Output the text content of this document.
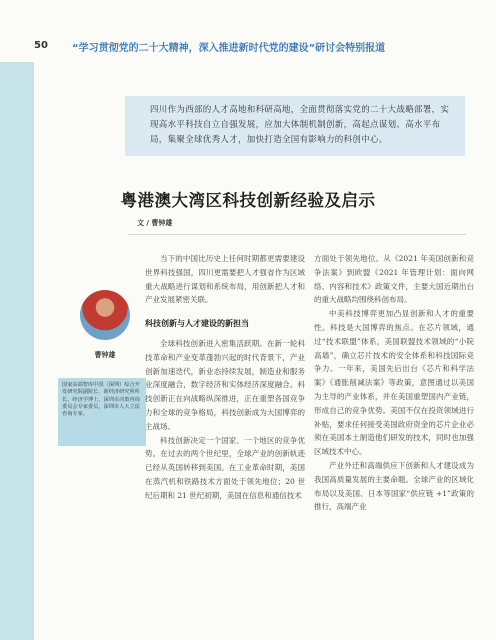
50 “学习贯彻党的二十大精神，深入推进新时代党的建设”研讨会特别报道
四川作为西部的人才高地和科研高地，全面贯彻落实党的二十大战略部署，实现高水平科技自立自强发展，应加大体制机制创新，高起点谋划、高水平布局，集聚全球优秀人才，加快打造全国有影响力的科创中心。
粤港澳大湾区科技创新经验及启示
文 / 曹钟雄
曹钟雄
国家高端智库中国（深圳）综合开发研究院副院长、新经济研究所所长、经济学博士，深圳市决策咨询委员会专家委员，深圳市人大立法咨询专家。

当下的中国比历史上任何时期都更需要建设世界科技强国，四川更需要把人才强省作为区域重大战略进行谋划和系统布局，用创新把人才和产业发展紧密关联。

科技创新与人才建设的新担当

全球科技创新进入密集活跃期。在新一轮科技革命和产业变革蓬勃兴起的时代背景下，产业创新加速迭代，新业态持续发展，制造业和服务业深度融合，数字经济和实体经济深度融合。科技创新正在向战略纵深推进，正在重塑各国竞争力和全球的竞争格局，科技创新成为大国博弈的主战场。

科技创新决定一个国家、一个地区的竞争优势。在过去的两个世纪里，全球产业的创新轨迹已经从英国转移到美国。在工业革命时期，美国在蒸汽机和铁路技术方面处于领先地位；20 世纪后期和 21 世纪初期，美国在信息和通信技术

方面处于领先地位。从《2021 年美国创新和竞争法案》到欧盟《2021 年管理计划：面向网络、内容和技术》政策文件，主要大国近期出台的重大战略均围绕科创布局。

中美科技博弈更加凸显创新和人才的重要性。科技是大国博弈的焦点。在芯片领域，通过“技术联盟”体系，美国联盟技术领域的“小院高墙”，确立芯片技术的安全体系和科技国际竞争力。一年来，美国先后出台《芯片和科学法案》《通胀削减法案》等政策，意图通过以美国为主导的产业体系，并在美国重塑国内产业链，形成自己的竞争优势。美国不仅在投资领域进行补贴，要求任何接受美国政府资金的芯片企业必须在美国本土制造他们研发的技术，同时也加强区域技术中心。

产业外迁和高端供应下创新和人才建设成为我国高质量发展的主要命题。全球产业的区域化布局以及美国、日本等国家“供应链 +1”政策的推行，高端产业
